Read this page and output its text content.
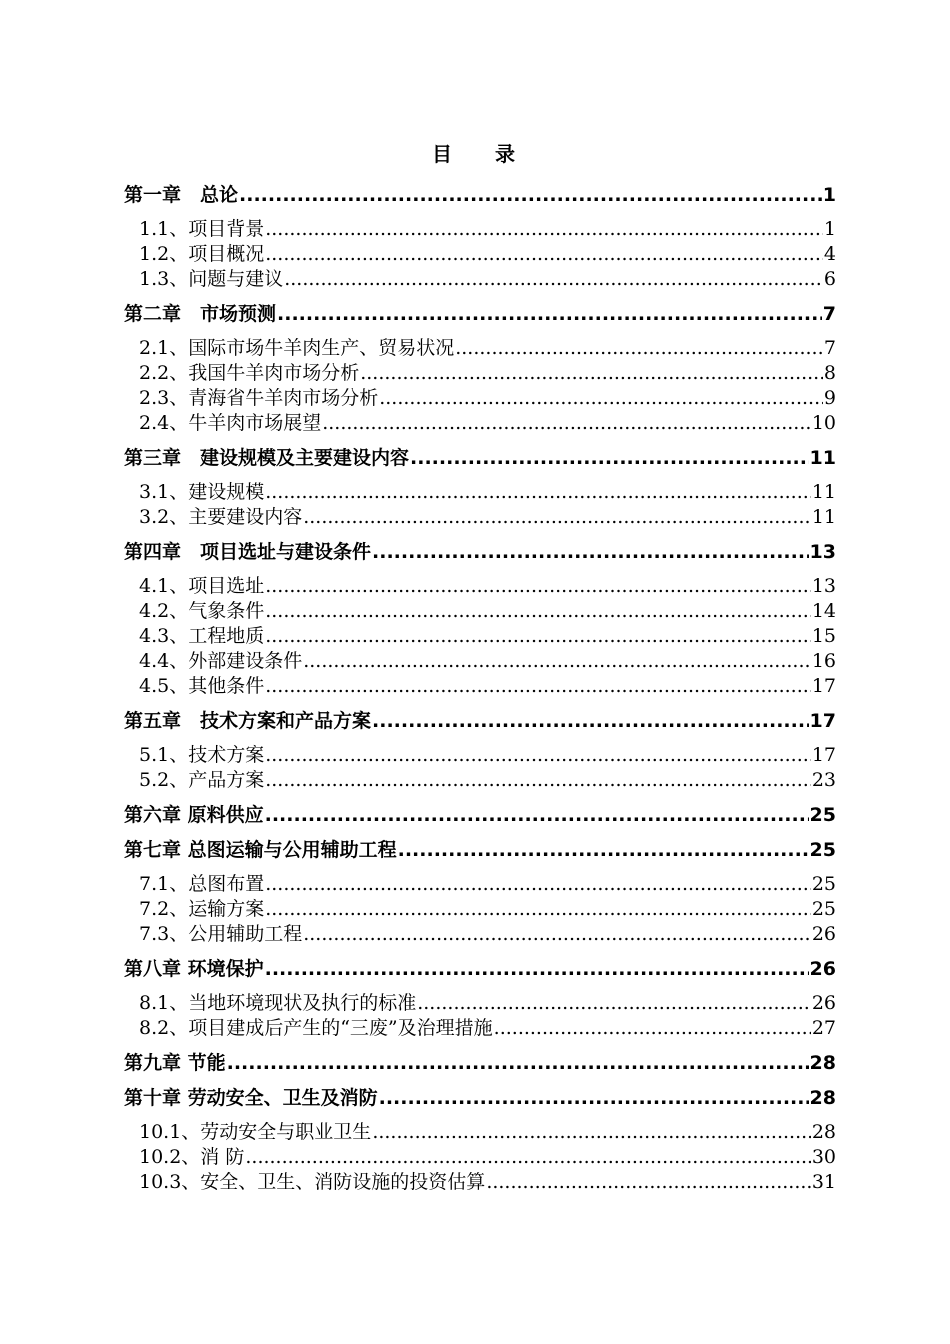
目 录
第一章　总论 .....	1
1.1、项目背景 .....	1
1.2、项目概况 .....	4
1.3、问题与建议 .....	6
第二章　市场预测 .....	7
2.1、国际市场牛羊肉生产、贸易状况 .....	7
2.2、我国牛羊肉市场分析 .....	8
2.3、青海省牛羊肉市场分析 .....	9
2.4、牛羊肉市场展望 .....	10
第三章　建设规模及主要建设内容 .....	11
3.1、建设规模 .....	11
3.2、主要建设内容 .....	11
第四章　项目选址与建设条件 .....	13
4.1、项目选址 .....	13
4.2、气象条件 .....	14
4.3、工程地质 .....	15
4.4、外部建设条件 .....	16
4.5、其他条件 .....	17
第五章　技术方案和产品方案 .....	17
5.1、技术方案 .....	17
5.2、产品方案 .....	23
第六章 原料供应 .....	25
第七章 总图运输与公用辅助工程 .....	25
7.1、总图布置 .....	25
7.2、运输方案 .....	25
7.3、公用辅助工程 .....	26
第八章 环境保护 .....	26
8.1、当地环境现状及执行的标准 .....	26
8.2、项目建成后产生的“三废”及治理措施 .....	27
第九章 节能 .....	28
第十章 劳动安全、卫生及消防 .....	28
10.1、劳动安全与职业卫生 .....	28
10.2、消 防 .....	30
10.3、安全、卫生、消防设施的投资估算 .....	31
